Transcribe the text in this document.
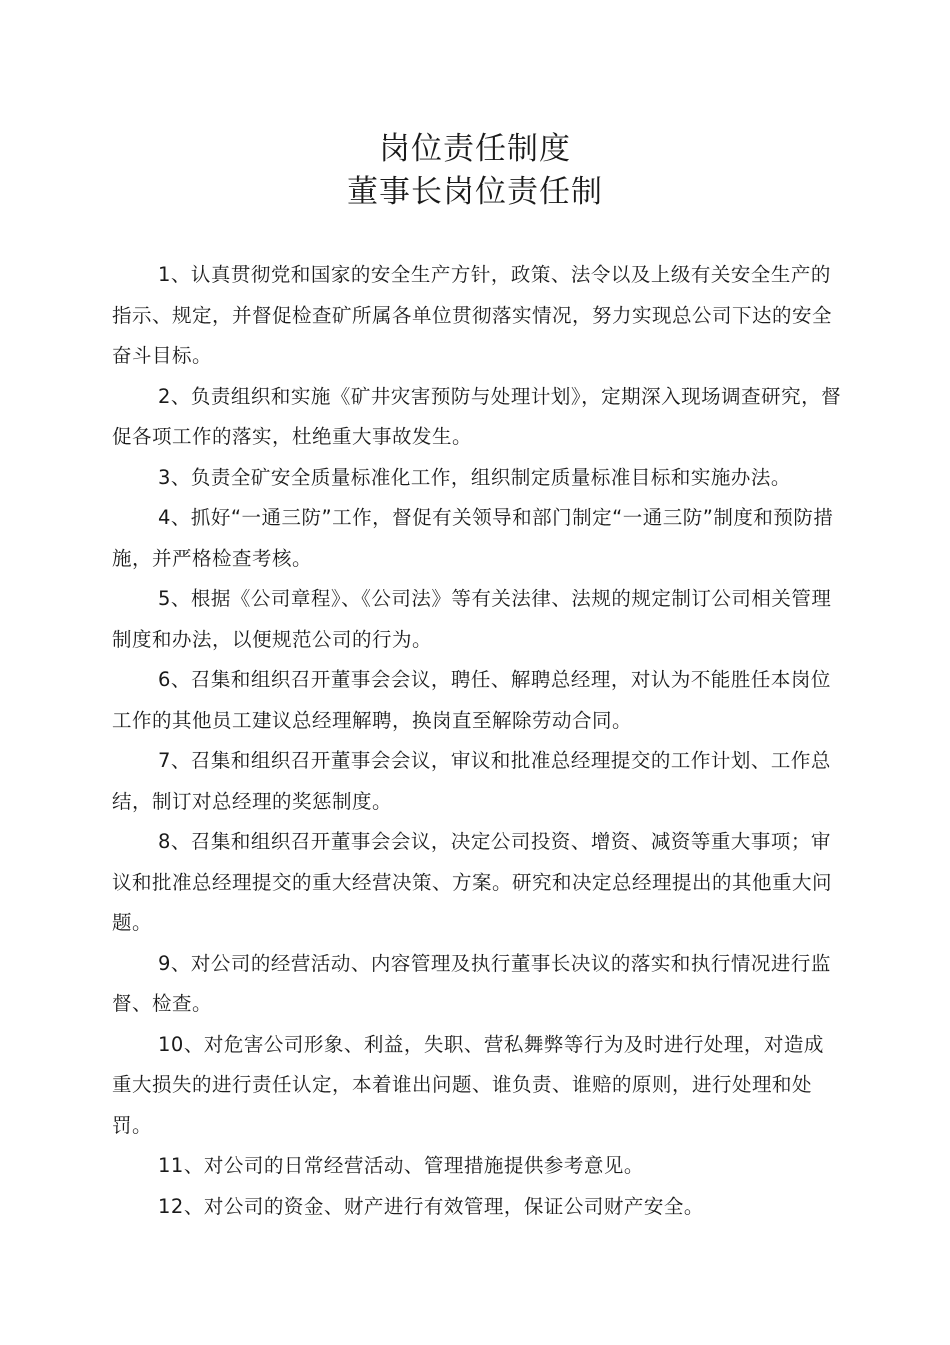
岗位责任制度
董事长岗位责任制

1、认真贯彻党和国家的安全生产方针，政策、法令以及上级有关安全生产的指示、规定，并督促检查矿所属各单位贯彻落实情况，努力实现总公司下达的安全奋斗目标。

2、负责组织和实施《矿井灾害预防与处理计划》，定期深入现场调查研究，督促各项工作的落实，杜绝重大事故发生。

3、负责全矿安全质量标准化工作，组织制定质量标准目标和实施办法。

4、抓好“一通三防”工作，督促有关领导和部门制定“一通三防”制度和预防措施，并严格检查考核。

5、根据《公司章程》、《公司法》等有关法律、法规的规定制订公司相关管理制度和办法，以便规范公司的行为。

6、召集和组织召开董事会会议，聘任、解聘总经理，对认为不能胜任本岗位工作的其他员工建议总经理解聘，换岗直至解除劳动合同。

7、召集和组织召开董事会会议，审议和批准总经理提交的工作计划、工作总结，制订对总经理的奖惩制度。

8、召集和组织召开董事会会议，决定公司投资、增资、减资等重大事项；审议和批准总经理提交的重大经营决策、方案。研究和决定总经理提出的其他重大问题。

9、对公司的经营活动、内容管理及执行董事长决议的落实和执行情况进行监督、检查。

10、对危害公司形象、利益，失职、营私舞弊等行为及时进行处理，对造成重大损失的进行责任认定，本着谁出问题、谁负责、谁赔的原则，进行处理和处罚。

11、对公司的日常经营活动、管理措施提供参考意见。

12、对公司的资金、财产进行有效管理，保证公司财产安全。
